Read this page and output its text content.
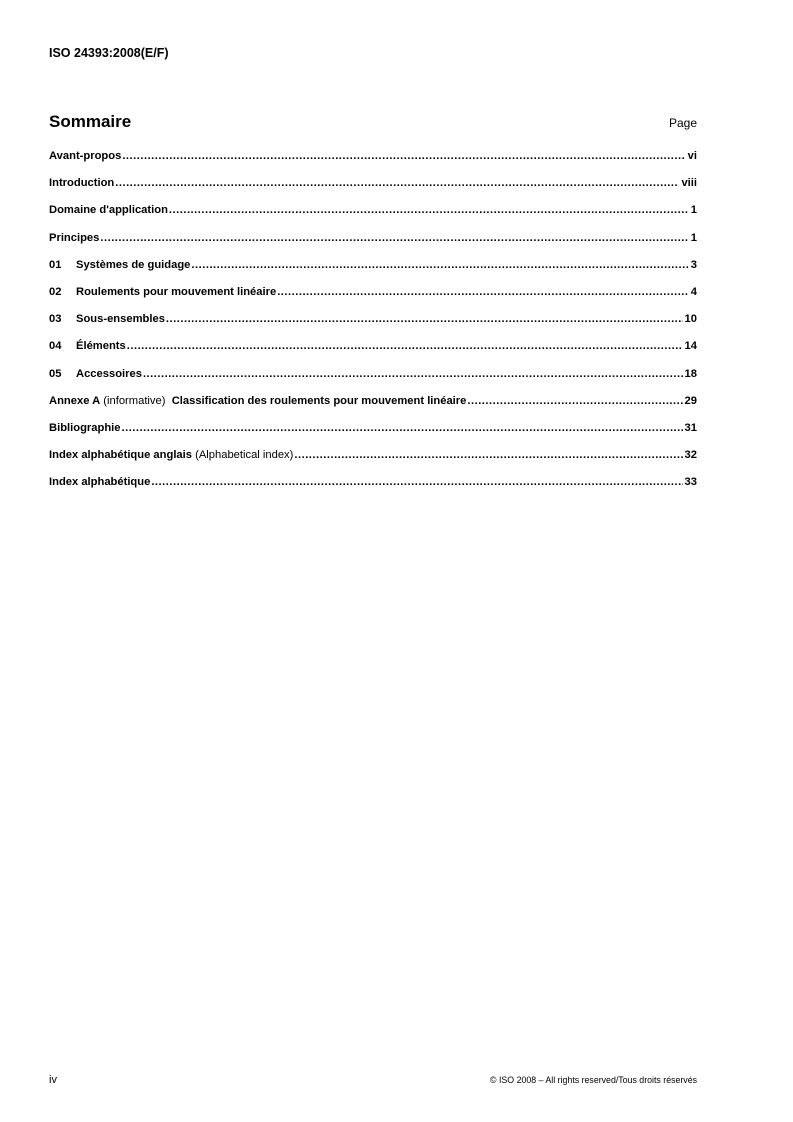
ISO 24393:2008(E/F)
Sommaire	Page
Avant-propos .....	vi
Introduction .....	viii
Domaine d'application .....	1
Principes .....	1
01	Systèmes de guidage .....	3
02	Roulements pour mouvement linéaire .....	4
03	Sous-ensembles .....	10
04	Éléments .....	14
05	Accessoires .....	18
Annexe A (informative) Classification des roulements pour mouvement linéaire .....	29
Bibliographie .....	31
Index alphabétique anglais (Alphabetical index) .....	32
Index alphabétique .....	33
iv	© ISO 2008 – All rights reserved/Tous droits réservés
